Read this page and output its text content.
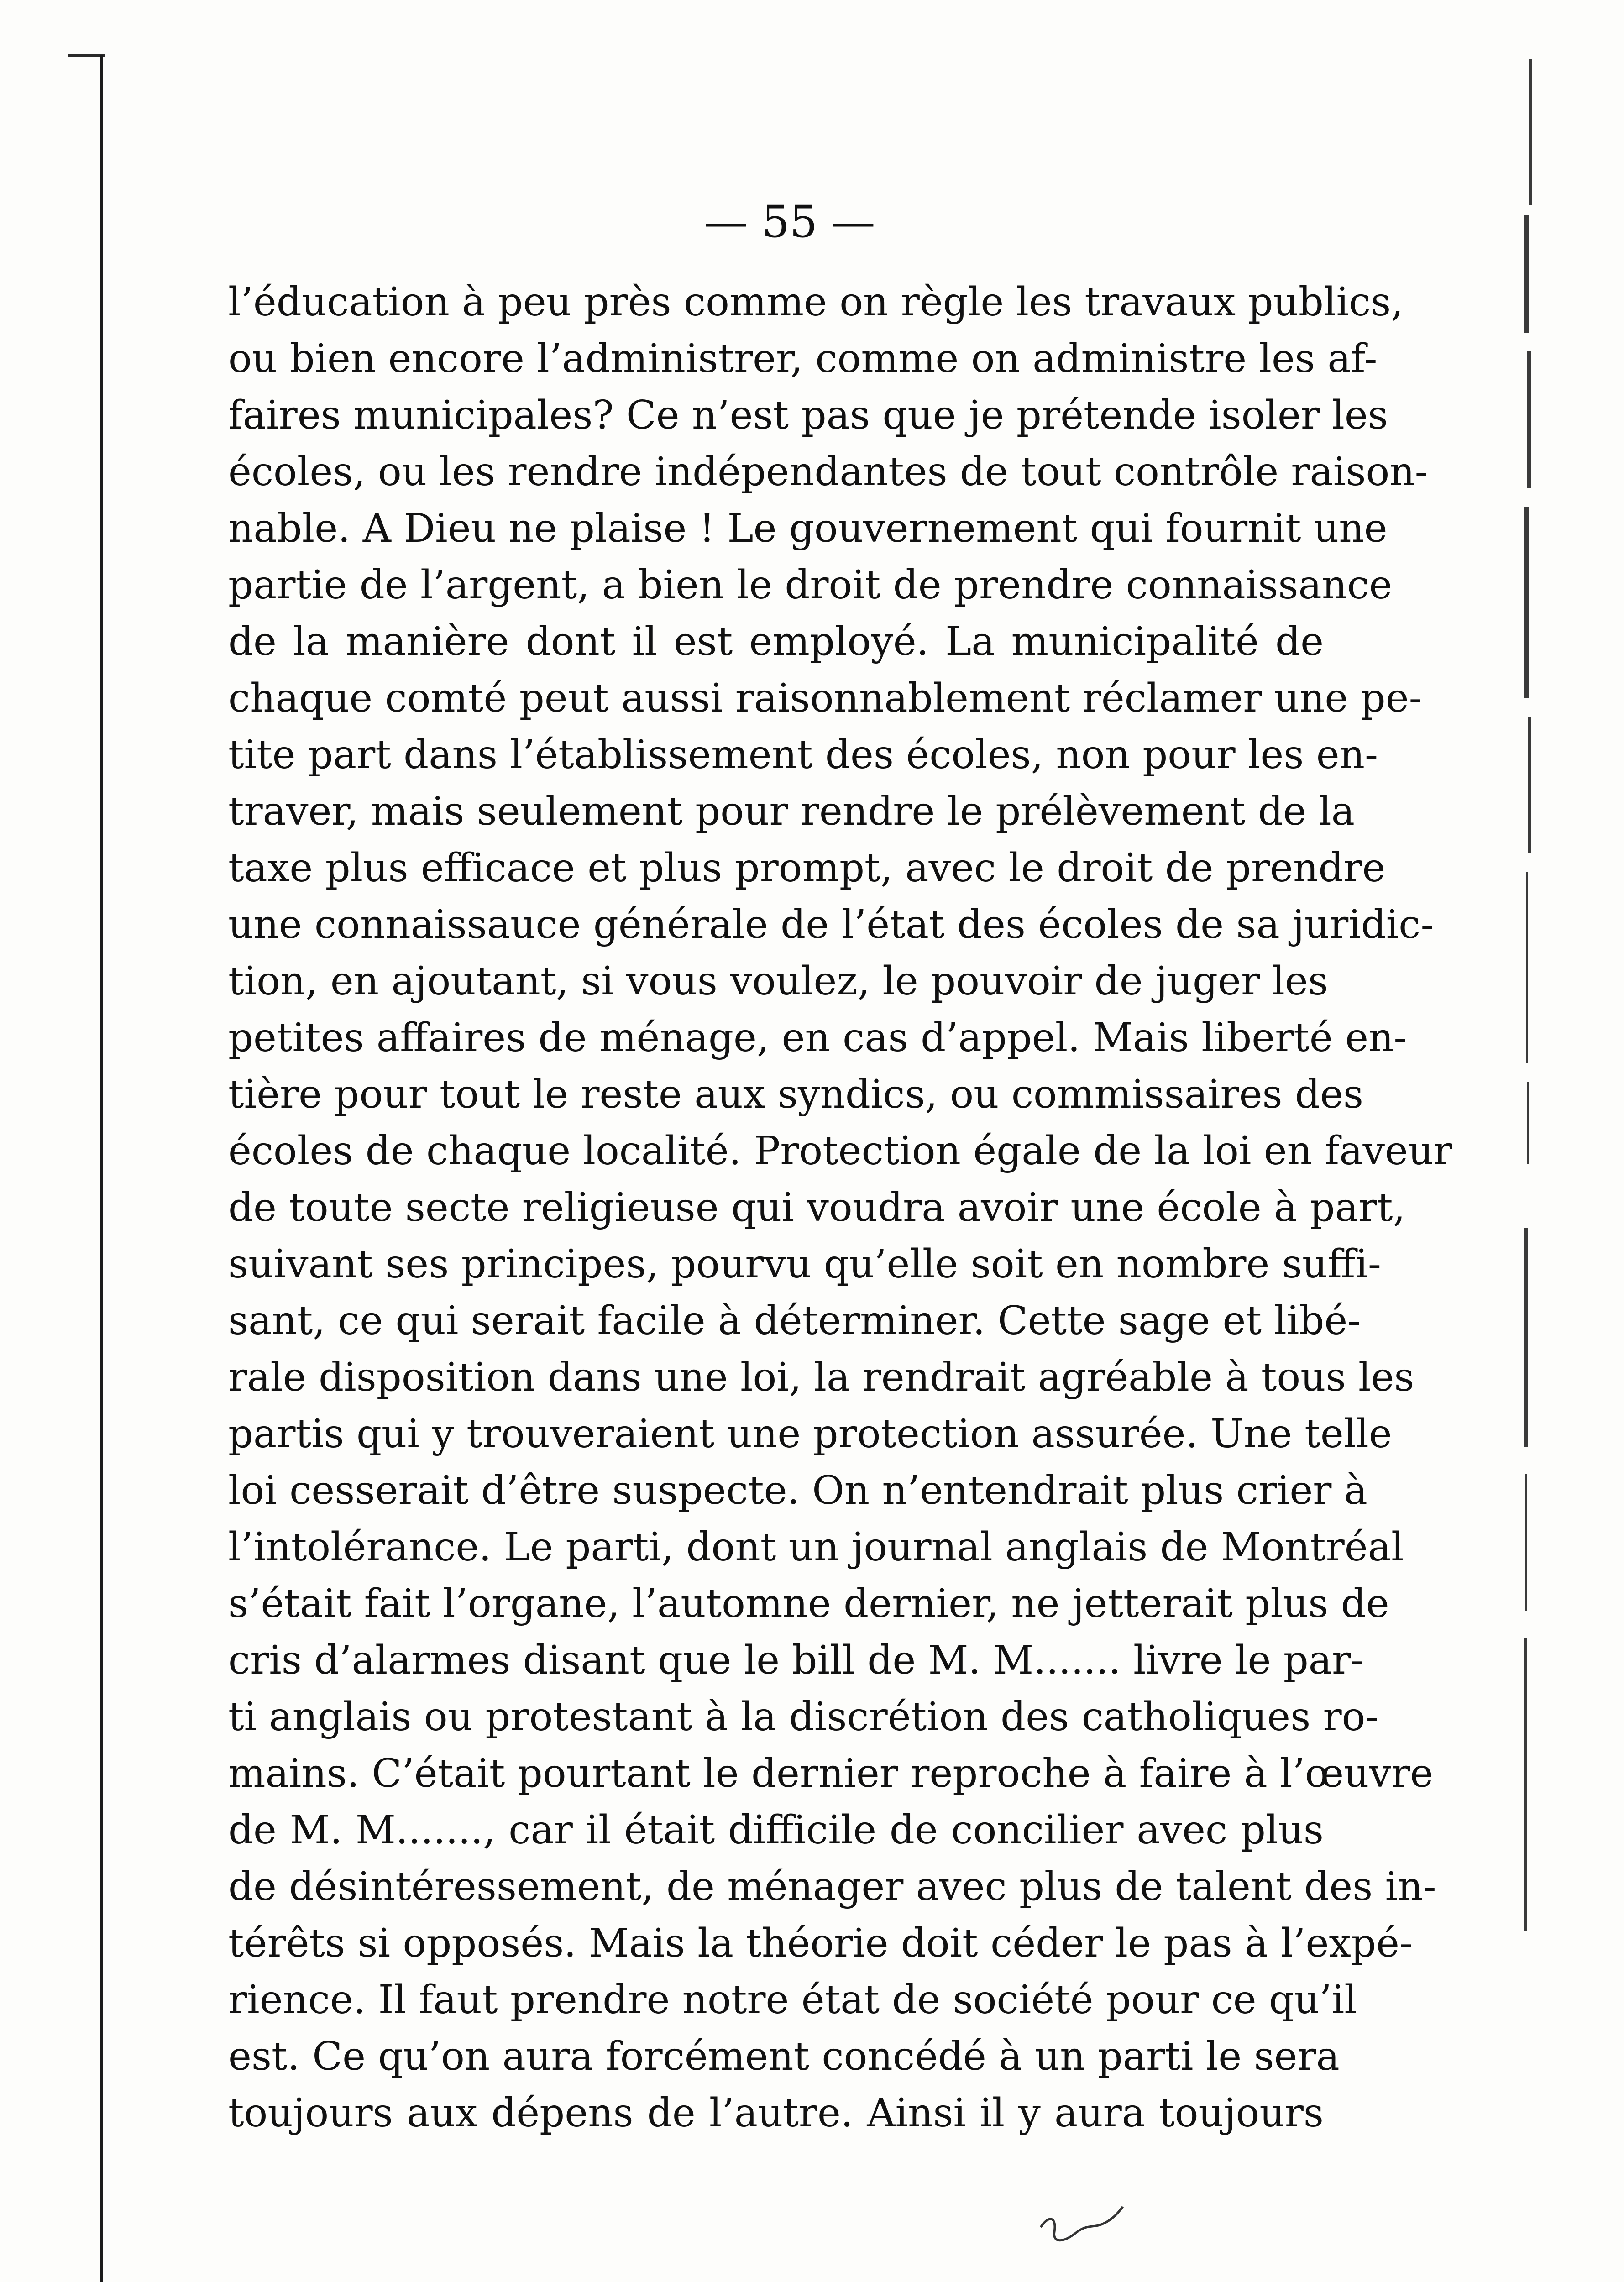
— 55 —
l’éducation à peu près comme on règle les travaux publics,
ou bien encore l’administrer, comme on administre les af-
faires municipales? Ce n’est pas que je prétende isoler les
écoles, ou les rendre indépendantes de tout contrôle raison-
nable. A Dieu ne plaise ! Le gouvernement qui fournit une
partie de l’argent, a bien le droit de prendre connaissance
de la manière dont il est employé. La municipalité de
chaque comté peut aussi raisonnablement réclamer une pe-
tite part dans l’établissement des écoles, non pour les en-
traver, mais seulement pour rendre le prélèvement de la
taxe plus efficace et plus prompt, avec le droit de prendre
une connaissauce générale de l’état des écoles de sa juridic-
tion, en ajoutant, si vous voulez, le pouvoir de juger les
petites affaires de ménage, en cas d’appel. Mais liberté en-
tière pour tout le reste aux syndics, ou commissaires des
écoles de chaque localité. Protection égale de la loi en faveur
de toute secte religieuse qui voudra avoir une école à part,
suivant ses principes, pourvu qu’elle soit en nombre suffi-
sant, ce qui serait facile à déterminer. Cette sage et libé-
rale disposition dans une loi, la rendrait agréable à tous les
partis qui y trouveraient une protection assurée. Une telle
loi cesserait d’être suspecte. On n’entendrait plus crier à
l’intolérance. Le parti, dont un journal anglais de Montréal
s’était fait l’organe, l’automne dernier, ne jetterait plus de
cris d’alarmes disant que le bill de M. M....... livre le par-
ti anglais ou protestant à la discrétion des catholiques ro-
mains. C’était pourtant le dernier reproche à faire à l’œuvre
de M. M......., car il était difficile de concilier avec plus
de désintéressement, de ménager avec plus de talent des in-
térêts si opposés. Mais la théorie doit céder le pas à l’expé-
rience. Il faut prendre notre état de société pour ce qu’il
est. Ce qu’on aura forcément concédé à un parti le sera
toujours aux dépens de l’autre. Ainsi il y aura toujours
